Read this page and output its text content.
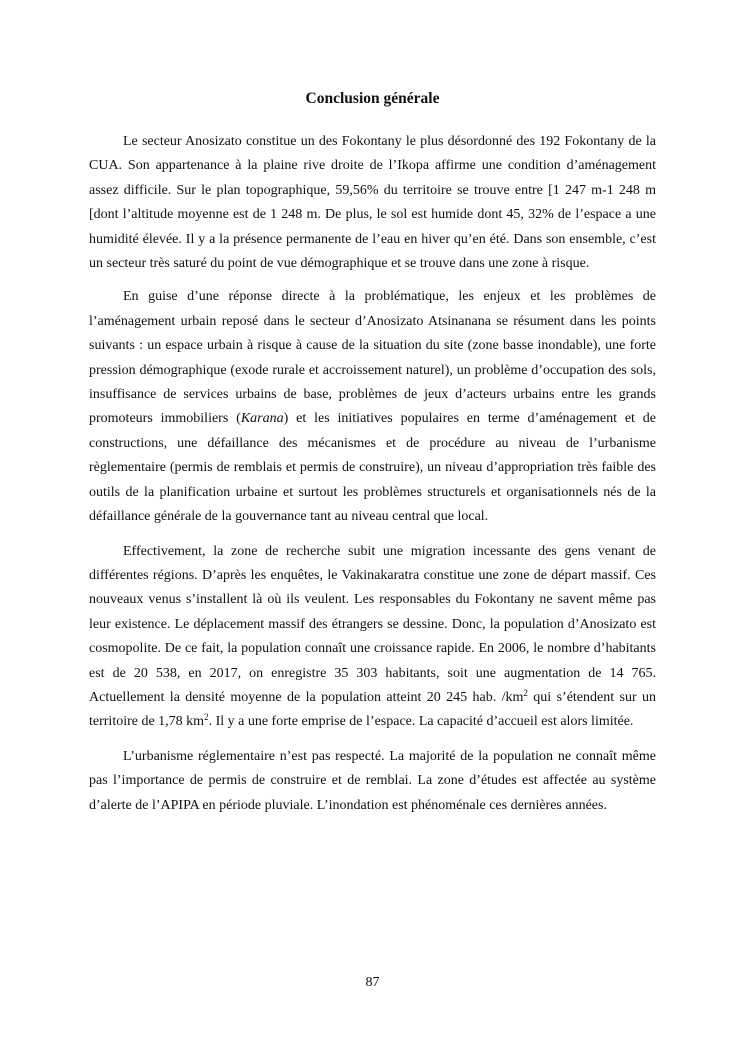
Conclusion générale

Le secteur Anosizato constitue un des Fokontany le plus désordonné des 192 Fokontany de la CUA. Son appartenance à la plaine rive droite de l’Ikopa affirme une condition d’aménagement assez difficile. Sur le plan topographique, 59,56% du territoire se trouve entre [1 247 m-1 248 m [dont l’altitude moyenne est de 1 248 m. De plus, le sol est humide dont 45, 32% de l’espace a une humidité élevée. Il y a la présence permanente de l’eau en hiver qu’en été. Dans son ensemble, c’est un secteur très saturé du point de vue démographique et se trouve dans une zone à risque.

En guise d’une réponse directe à la problématique, les enjeux et les problèmes de l’aménagement urbain reposé dans le secteur d’Anosizato Atsinanana se résument dans les points suivants : un espace urbain à risque à cause de la situation du site (zone basse inondable), une forte pression démographique (exode rurale et accroissement naturel), un problème d’occupation des sols, insuffisance de services urbains de base, problèmes de jeux d’acteurs urbains entre les grands promoteurs immobiliers (Karana) et les initiatives populaires en terme d’aménagement et de constructions, une défaillance des mécanismes et de procédure au niveau de l’urbanisme règlementaire (permis de remblais et permis de construire), un niveau d’appropriation très faible des outils de la planification urbaine et surtout les problèmes structurels et organisationnels nés de la défaillance générale de la gouvernance tant au niveau central que local.

Effectivement, la zone de recherche subit une migration incessante des gens venant de différentes régions. D’après les enquêtes, le Vakinakaratra constitue une zone de départ massif. Ces nouveaux venus s’installent là où ils veulent. Les responsables du Fokontany ne savent même pas leur existence. Le déplacement massif des étrangers se dessine. Donc, la population d’Anosizato est cosmopolite. De ce fait, la population connaît une croissance rapide. En 2006, le nombre d’habitants est de 20 538, en 2017, on enregistre 35 303 habitants, soit une augmentation de 14 765. Actuellement la densité moyenne de la population atteint 20 245 hab. $/km^2$ qui s’étendent sur un territoire de 1,78 $km^2$. Il y a une forte emprise de l’espace. La capacité d’accueil est alors limitée.

L’urbanisme réglementaire n’est pas respecté. La majorité de la population ne connaît même pas l’importance de permis de construire et de remblai. La zone d’études est affectée au système d’alerte de l’APIPA en période pluviale. L’inondation est phénoménale ces dernières années.

87
